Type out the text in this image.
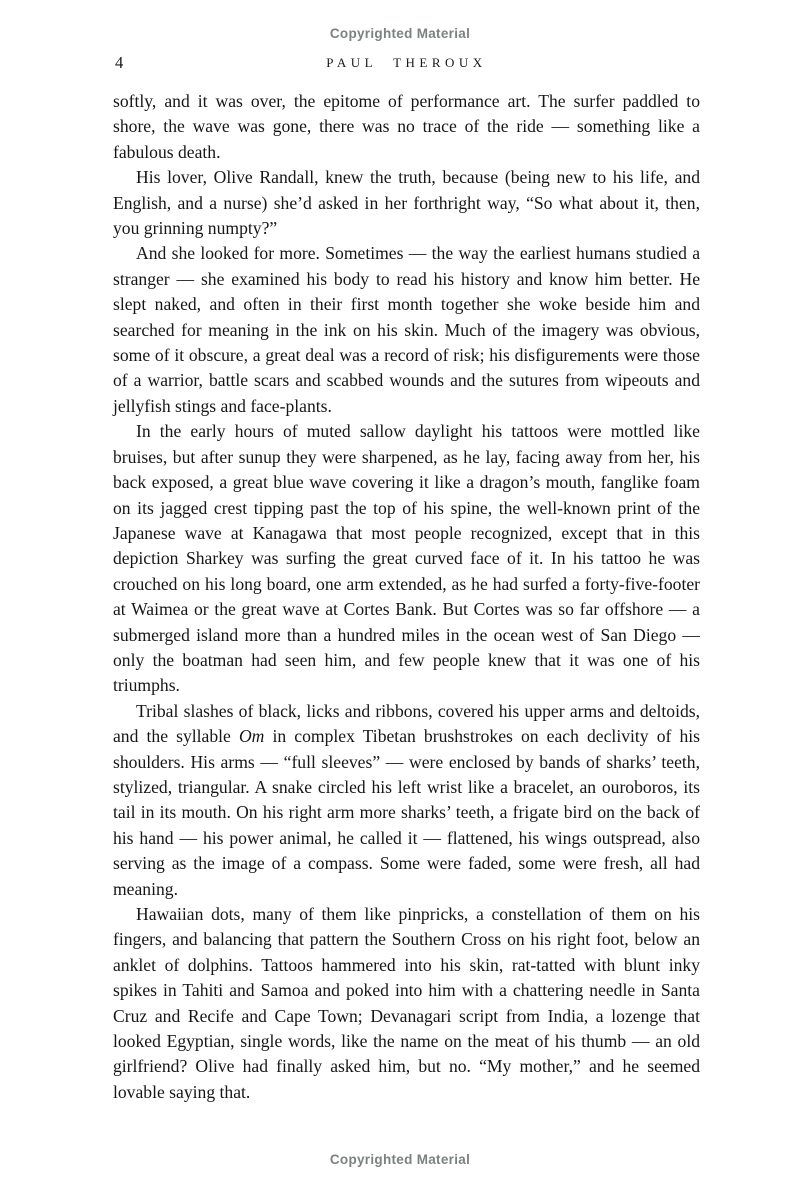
Copyrighted Material
4	PAUL THEROUX

softly, and it was over, the epitome of performance art. The surfer paddled to shore, the wave was gone, there was no trace of the ride — something like a fabulous death.

His lover, Olive Randall, knew the truth, because (being new to his life, and English, and a nurse) she’d asked in her forthright way, “So what about it, then, you grinning numpty?”

And she looked for more. Sometimes — the way the earliest humans studied a stranger — she examined his body to read his history and know him better. He slept naked, and often in their first month together she woke beside him and searched for meaning in the ink on his skin. Much of the imagery was obvious, some of it obscure, a great deal was a record of risk; his disfigurements were those of a warrior, battle scars and scabbed wounds and the sutures from wipeouts and jellyfish stings and face-plants.

In the early hours of muted sallow daylight his tattoos were mottled like bruises, but after sunup they were sharpened, as he lay, facing away from her, his back exposed, a great blue wave covering it like a dragon’s mouth, fanglike foam on its jagged crest tipping past the top of his spine, the well-known print of the Japanese wave at Kanagawa that most people recognized, except that in this depiction Sharkey was surfing the great curved face of it. In his tattoo he was crouched on his long board, one arm extended, as he had surfed a forty-five-footer at Waimea or the great wave at Cortes Bank. But Cortes was so far offshore — a submerged island more than a hundred miles in the ocean west of San Diego — only the boatman had seen him, and few people knew that it was one of his triumphs.

Tribal slashes of black, licks and ribbons, covered his upper arms and deltoids, and the syllable Om in complex Tibetan brushstrokes on each declivity of his shoulders. His arms — “full sleeves” — were enclosed by bands of sharks’ teeth, stylized, triangular. A snake circled his left wrist like a bracelet, an ouroboros, its tail in its mouth. On his right arm more sharks’ teeth, a frigate bird on the back of his hand — his power animal, he called it — flattened, his wings outspread, also serving as the image of a compass. Some were faded, some were fresh, all had meaning.

Hawaiian dots, many of them like pinpricks, a constellation of them on his fingers, and balancing that pattern the Southern Cross on his right foot, below an anklet of dolphins. Tattoos hammered into his skin, rat-tatted with blunt inky spikes in Tahiti and Samoa and poked into him with a chattering needle in Santa Cruz and Recife and Cape Town; Devanagari script from India, a lozenge that looked Egyptian, single words, like the name on the meat of his thumb — an old girlfriend? Olive had finally asked him, but no. “My mother,” and he seemed lovable saying that.

Copyrighted Material
